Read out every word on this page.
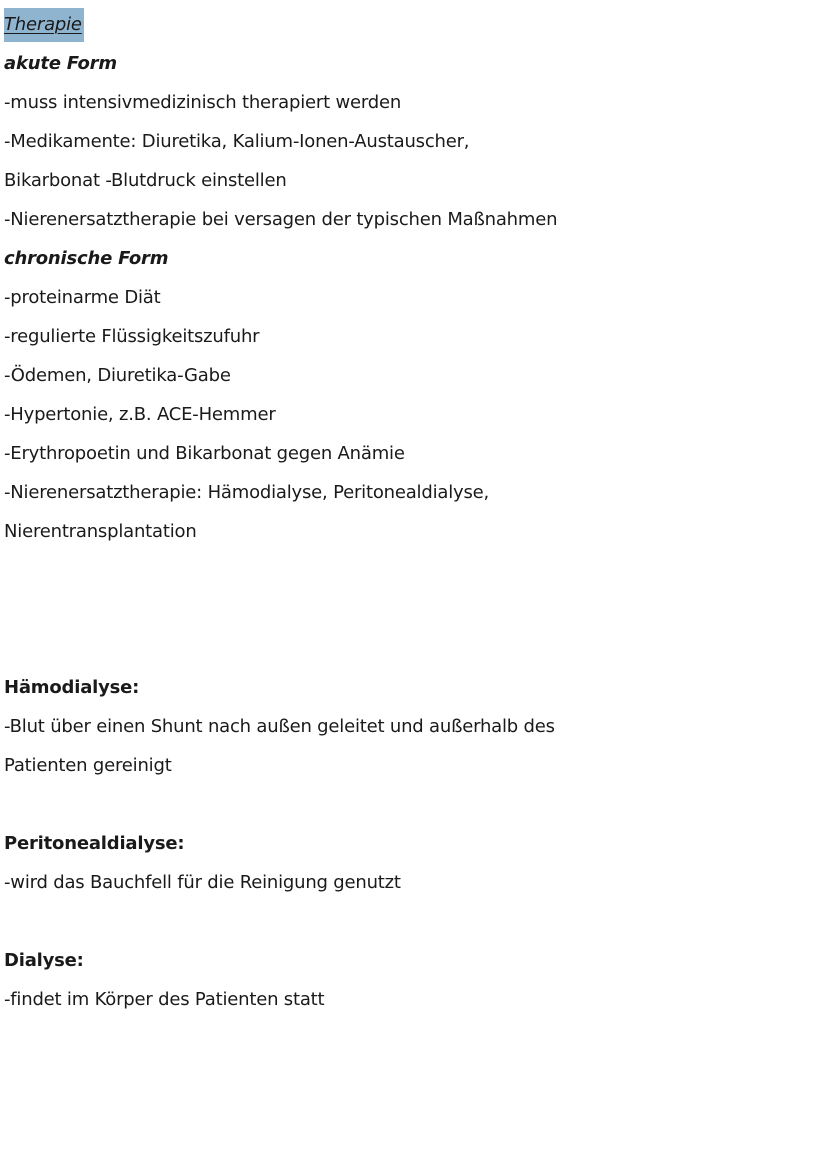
Therapie
akute Form
-muss intensivmedizinisch therapiert werden
-Medikamente: Diuretika, Kalium-Ionen-Austauscher,
Bikarbonat -Blutdruck einstellen
-Nierenersatztherapie bei versagen der typischen Maßnahmen
chronische Form
-proteinarme Diät
-regulierte Flüssigkeitszufuhr
-Ödemen, Diuretika-Gabe
-Hypertonie, z.B. ACE-Hemmer
-Erythropoetin und Bikarbonat gegen Anämie
-Nierenersatztherapie: Hämodialyse, Peritonealdialyse,
Nierentransplantation
Hämodialyse:
-Blut über einen Shunt nach außen geleitet und außerhalb des
Patienten gereinigt
Peritonealdialyse:
-wird das Bauchfell für die Reinigung genutzt
Dialyse:
-findet im Körper des Patienten statt
